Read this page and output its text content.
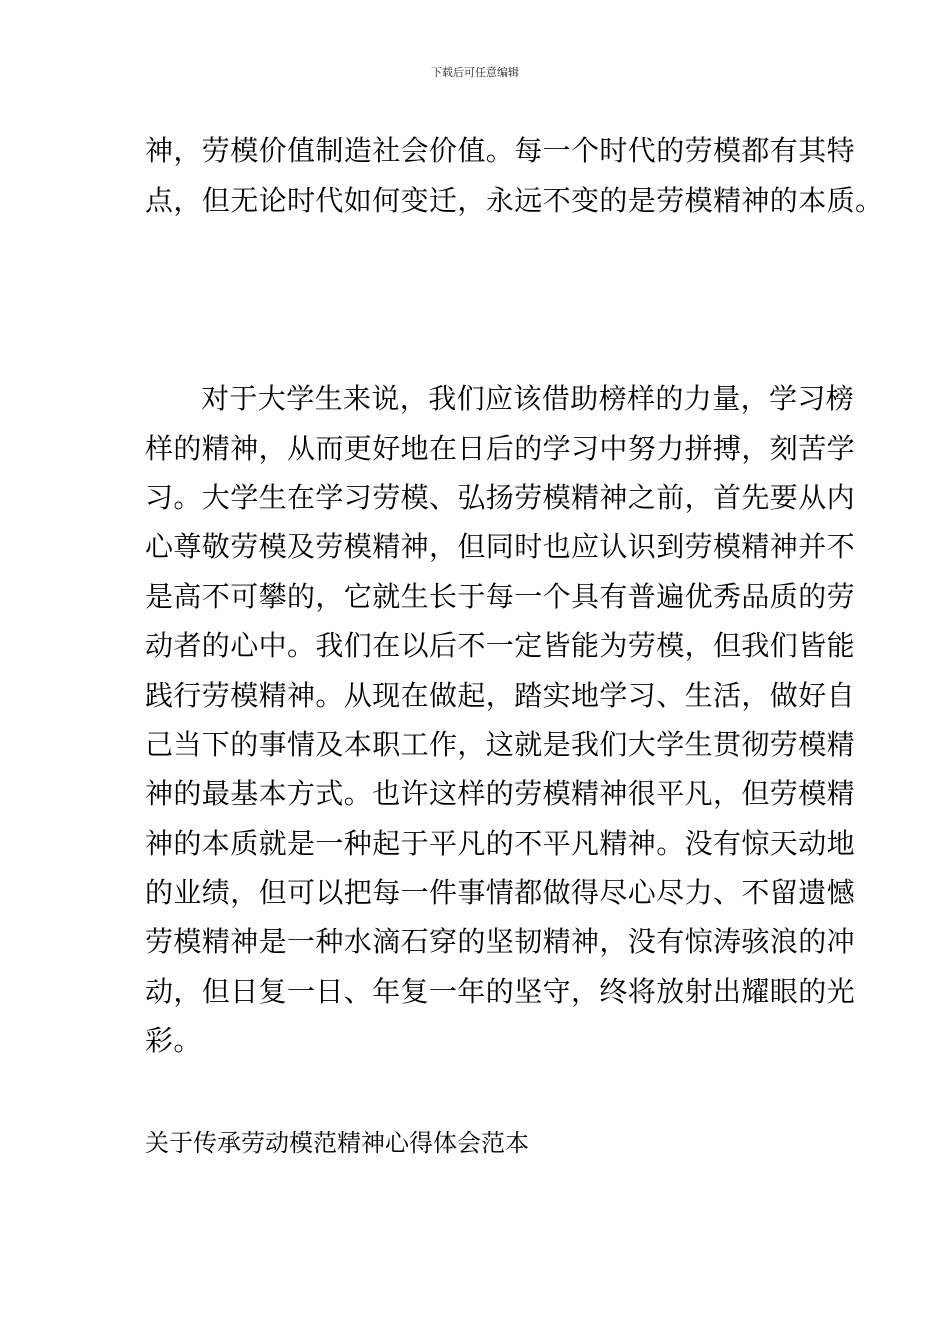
下载后可任意编辑
神，劳模价值制造社会价值。每一个时代的劳模都有其特
点，但无论时代如何变迁，永远不变的是劳模精神的本质。
对于大学生来说，我们应该借助榜样的力量，学习榜
样的精神，从而更好地在日后的学习中努力拼搏，刻苦学
习。大学生在学习劳模、弘扬劳模精神之前，首先要从内
心尊敬劳模及劳模精神，但同时也应认识到劳模精神并不
是高不可攀的，它就生长于每一个具有普遍优秀品质的劳
动者的心中。我们在以后不一定皆能为劳模，但我们皆能
践行劳模精神。从现在做起，踏实地学习、生活，做好自
己当下的事情及本职工作，这就是我们大学生贯彻劳模精
神的最基本方式。也许这样的劳模精神很平凡，但劳模精
神的本质就是一种起于平凡的不平凡精神。没有惊天动地
的业绩，但可以把每一件事情都做得尽心尽力、不留遗憾
劳模精神是一种水滴石穿的坚韧精神，没有惊涛骇浪的冲
动，但日复一日、年复一年的坚守，终将放射出耀眼的光
彩。
关于传承劳动模范精神心得体会范本
